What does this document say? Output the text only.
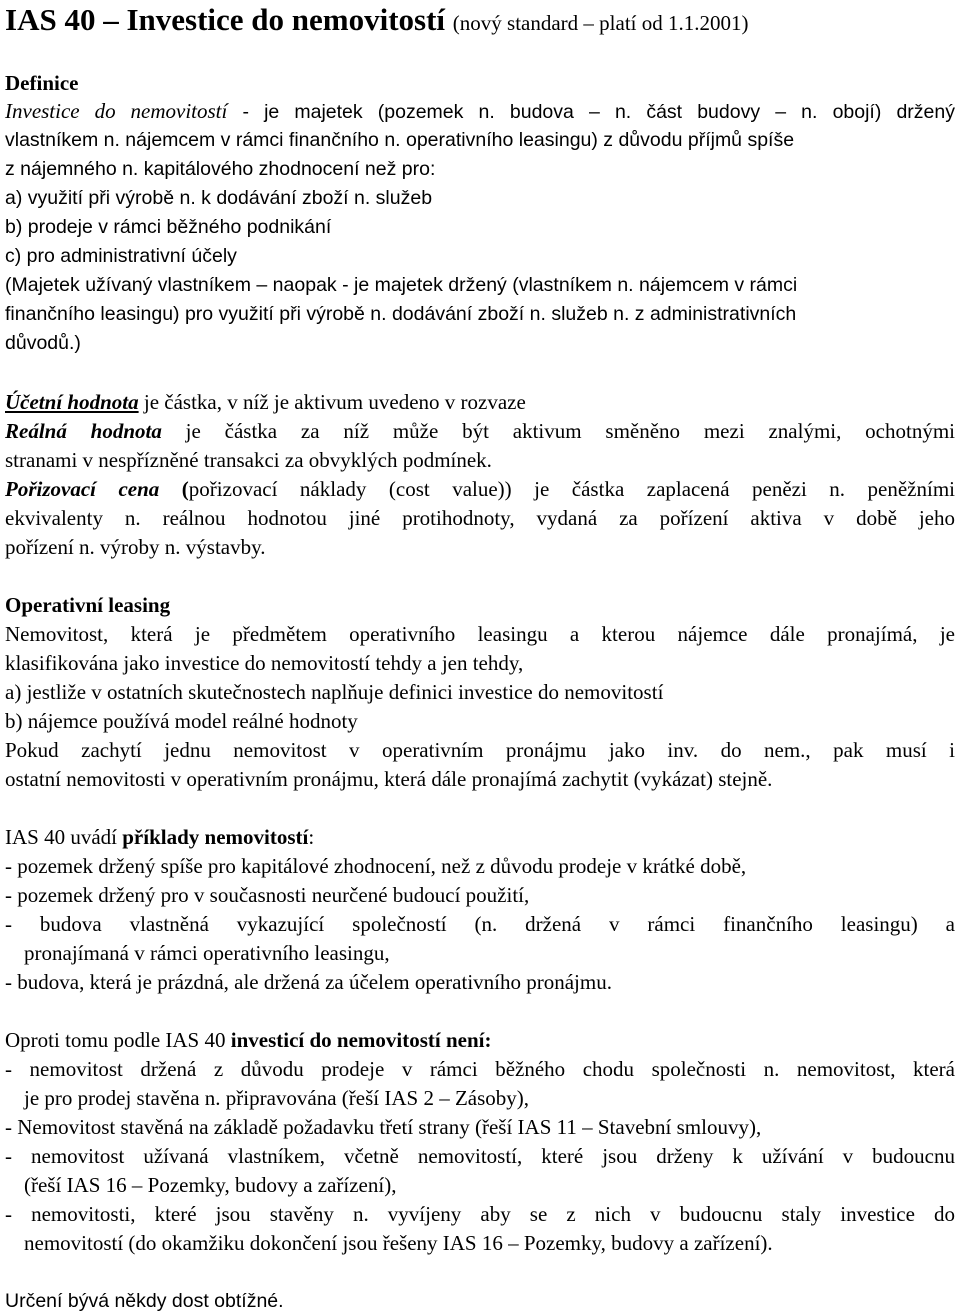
IAS 40 – Investice do nemovitostí (nový standard – platí od 1.1.2001)
Definice
Investice do nemovitostí - je majetek (pozemek n. budova – n. část budovy – n. obojí) držený
vlastníkem n. nájemcem v rámci finančního n. operativního leasingu) z důvodu příjmů spíše
z nájemného n. kapitálového zhodnocení než pro:
a) využití při výrobě n. k dodávání zboží n. služeb
b) prodeje v rámci běžného podnikání
c) pro administrativní účely
(Majetek užívaný vlastníkem – naopak - je majetek držený (vlastníkem n. nájemcem v rámci
finančního leasingu) pro využití při výrobě n. dodávání zboží n. služeb n. z administrativních
důvodů.)
Účetní hodnota je částka, v níž je aktivum uvedeno v rozvaze
Reálná hodnota je částka za níž může být aktivum směněno mezi znalými, ochotnými
stranami v nespřízněné transakci za obvyklých podmínek.
Pořizovací cena (pořizovací náklady (cost value)) je částka zaplacená penězi n. peněžními
ekvivalenty n. reálnou hodnotou jiné protihodnoty, vydaná za pořízení aktiva v době jeho
pořízení n. výroby n. výstavby.
Operativní leasing
Nemovitost, která je předmětem operativního leasingu a kterou nájemce dále pronajímá, je
klasifikována jako investice do nemovitostí tehdy a jen tehdy,
a) jestliže v ostatních skutečnostech naplňuje definici investice do nemovitostí
b) nájemce používá model reálné hodnoty
Pokud zachytí jednu nemovitost v operativním pronájmu jako inv. do nem., pak musí i
ostatní nemovitosti v operativním pronájmu, která dále pronajímá zachytit (vykázat) stejně.
IAS 40 uvádí příklady nemovitostí:
- pozemek držený spíše pro kapitálové zhodnocení, než z důvodu prodeje v krátké době,
- pozemek držený pro v současnosti neurčené budoucí použití,
- budova vlastněná vykazující společností (n. držená v rámci finančního leasingu) a
pronajímaná v rámci operativního leasingu,
- budova, která je prázdná, ale držená za účelem operativního pronájmu.
Oproti tomu podle IAS 40 investicí do nemovitostí není:
- nemovitost držená z důvodu prodeje v rámci běžného chodu společnosti n. nemovitost, která
je pro prodej stavěna n. připravována (řeší IAS 2 – Zásoby),
- Nemovitost stavěná na základě požadavku třetí strany (řeší IAS 11 – Stavební smlouvy),
- nemovitost užívaná vlastníkem, včetně nemovitostí, které jsou drženy k užívání v budoucnu
(řeší IAS 16 – Pozemky, budovy a zařízení),
- nemovitosti, které jsou stavěny n. vyvíjeny aby se z nich v budoucnu staly investice do
nemovitostí (do okamžiku dokončení jsou řešeny IAS 16 – Pozemky, budovy a zařízení).
Určení bývá někdy dost obtížné.
